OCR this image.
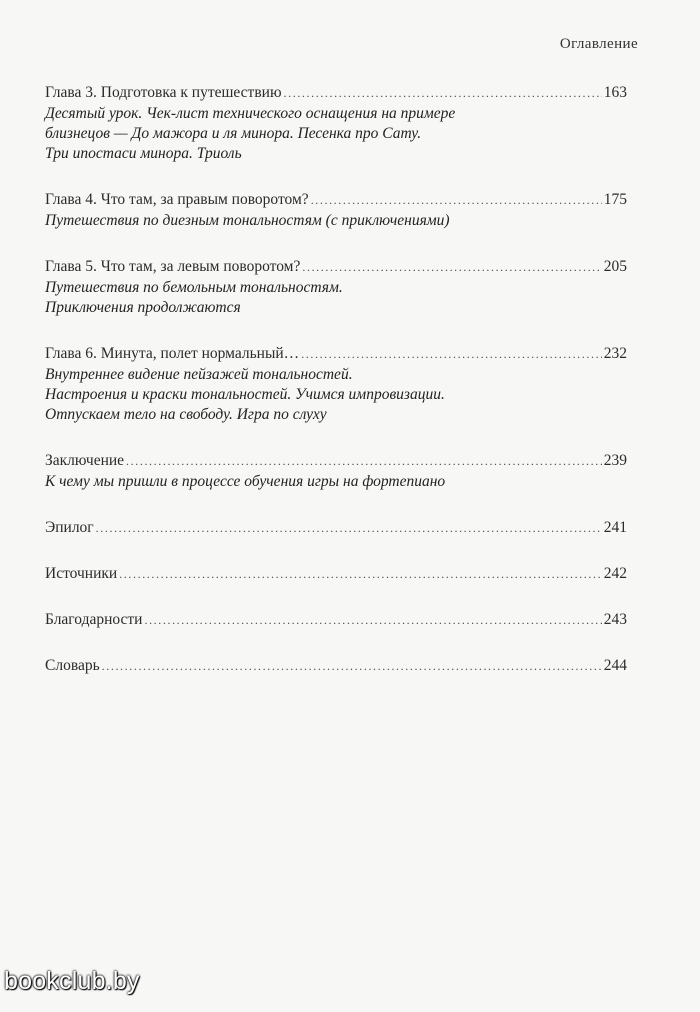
Оглавление
Глава 3. Подготовка к путешествию .....	163
Десятый урок. Чек-лист технического оснащения на примере
близнецов — До мажора и ля минора. Песенка про Сату.
Три ипостаси минора. Триоль
Глава 4. Что там, за правым поворотом? .....	175
Путешествия по диезным тональностям (с приключениями)
Глава 5. Что там, за левым поворотом? .....	205
Путешествия по бемольным тональностям.
Приключения продолжаются
Глава 6. Минута, полет нормальный… .....	232
Внутреннее видение пейзажей тональностей.
Настроения и краски тональностей. Учимся импровизации.
Отпускаем тело на свободу. Игра по слуху
Заключение .....	239
К чему мы пришли в процессе обучения игры на фортепиано
Эпилог .....	241
Источники .....	242
Благодарности .....	243
Словарь .....	244
bookclub.by
